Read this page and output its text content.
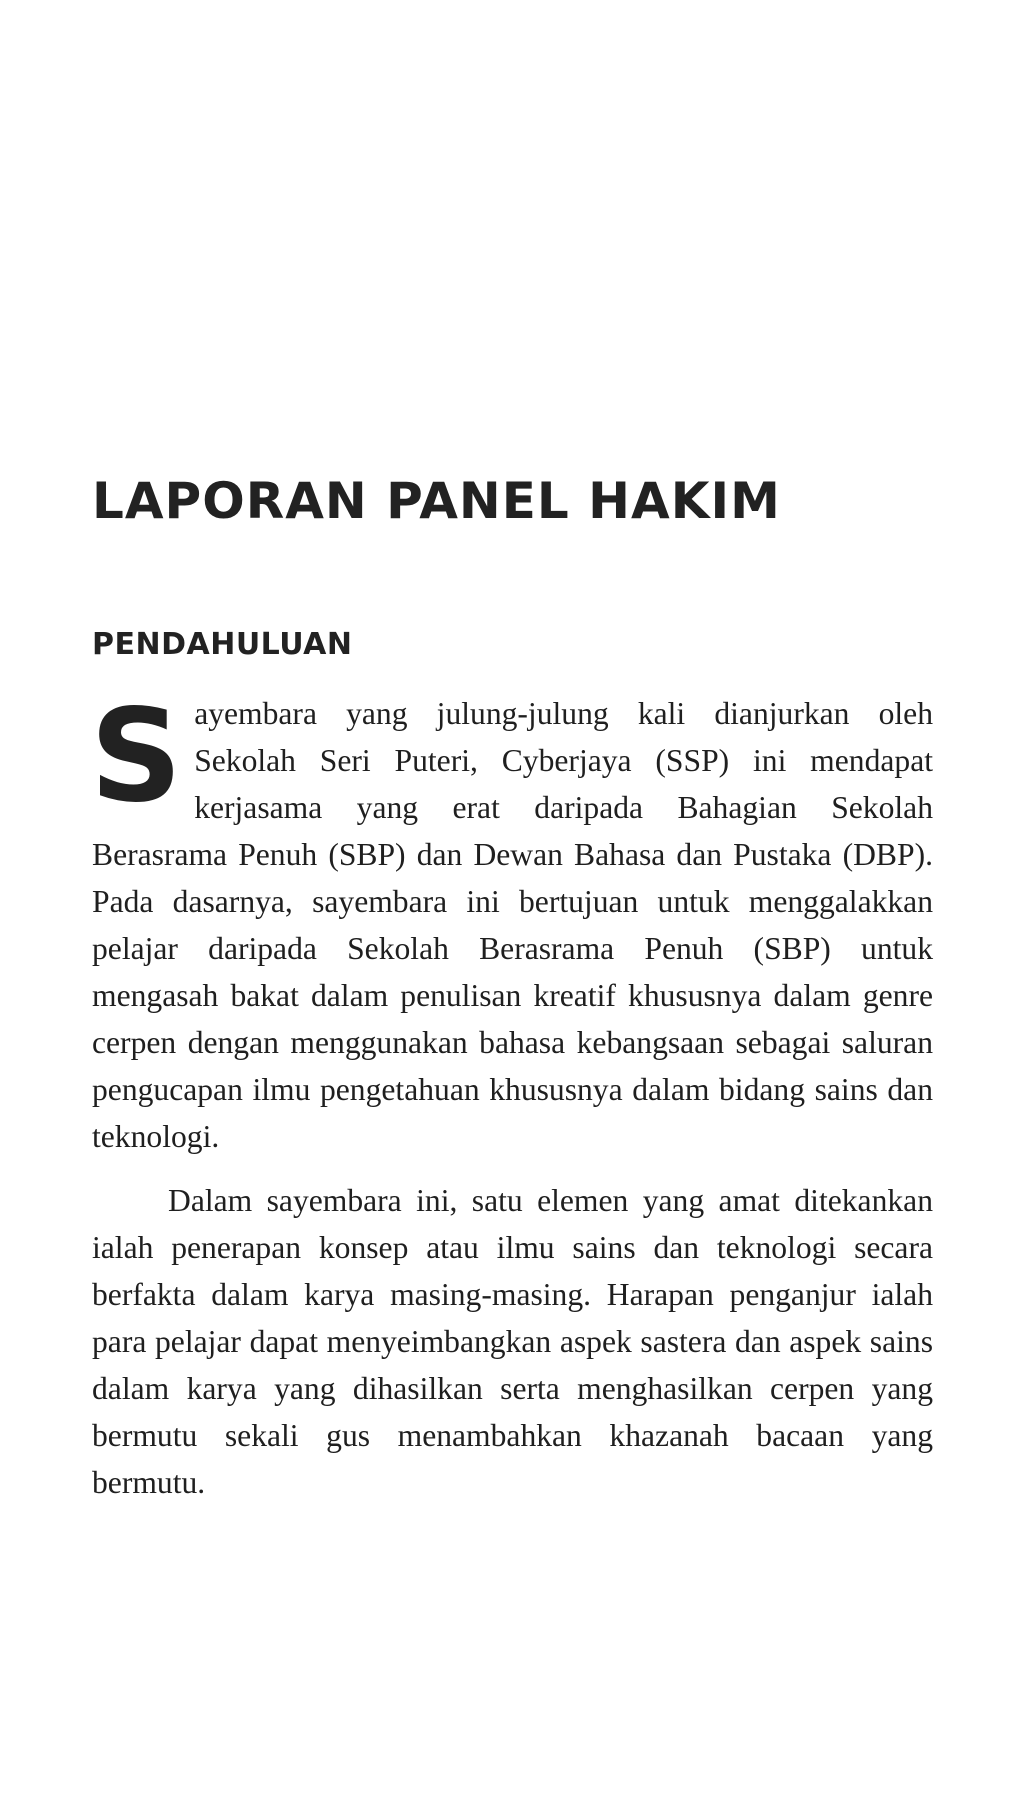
LAPORAN PANEL HAKIM
PENDAHULUAN

Sayembara yang julung-julung kali dianjurkan oleh Sekolah Seri Puteri, Cyberjaya (SSP) ini mendapat kerjasama yang erat daripada Bahagian Sekolah Berasrama Penuh (SBP) dan Dewan Bahasa dan Pustaka (DBP). Pada dasarnya, sayembara ini bertujuan untuk menggalakkan pelajar daripada Sekolah Berasrama Penuh (SBP) untuk mengasah bakat dalam penulisan kreatif khususnya dalam genre cerpen dengan menggunakan bahasa kebangsaan sebagai saluran pengucapan ilmu pengetahuan khususnya dalam bidang sains dan teknologi.

Dalam sayembara ini, satu elemen yang amat ditekankan ialah penerapan konsep atau ilmu sains dan teknologi secara berfakta dalam karya masing-masing. Harapan penganjur ialah para pelajar dapat menyeimbangkan aspek sastera dan aspek sains dalam karya yang dihasilkan serta menghasilkan cerpen yang bermutu sekali gus menambahkan khazanah bacaan yang bermutu.
